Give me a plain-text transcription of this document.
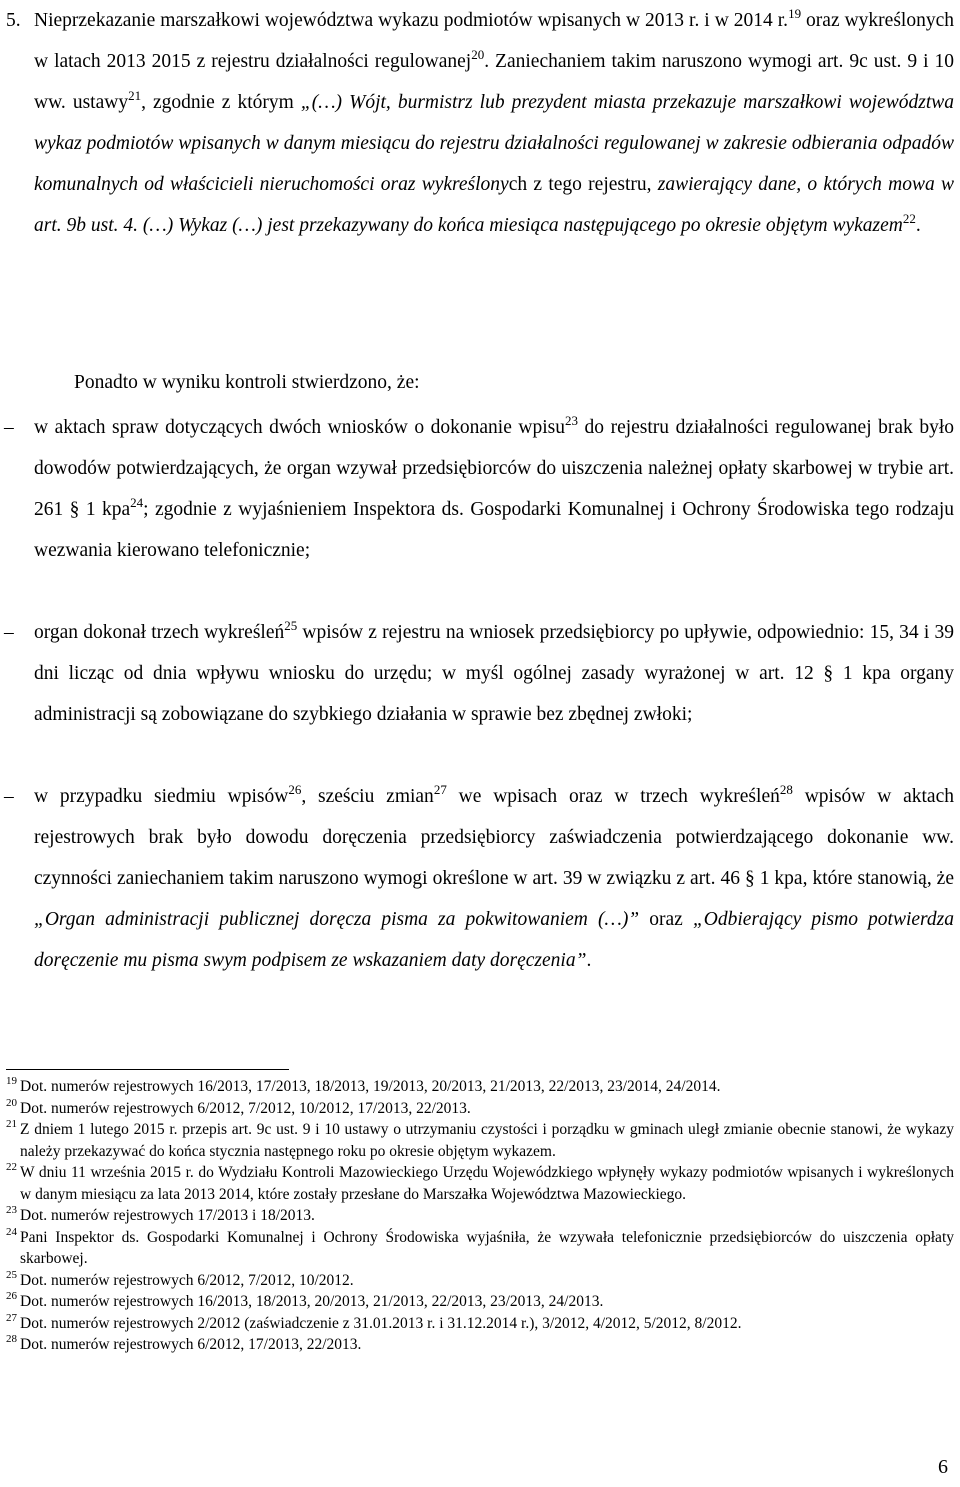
5. Nieprzekazanie marszałkowi województwa wykazu podmiotów wpisanych w 2013 r. i w 2014 r.$^{19}$ oraz wykreślonych w latach 2013 2015 z rejestru działalności regulowanej$^{20}$. Zaniechaniem takim naruszono wymogi art. 9c ust. 9 i 10 ww. ustawy$^{21}$, zgodnie z którym „(…) Wójt, burmistrz lub prezydent miasta przekazuje marszałkowi województwa wykaz podmiotów wpisanych w danym miesiącu do rejestru działalności regulowanej w zakresie odbierania odpadów komunalnych od właścicieli nieruchomości oraz wykreślonych z tego rejestru, zawierający dane, o których mowa w art. 9b ust. 4. (…) Wykaz (…) jest przekazywany do końca miesiąca następującego po okresie objętym wykazem$^{22}$.
Ponadto w wyniku kontroli stwierdzono, że:
– w aktach spraw dotyczących dwóch wniosków o dokonanie wpisu$^{23}$ do rejestru działalności regulowanej brak było dowodów potwierdzających, że organ wzywał przedsiębiorców do uiszczenia należnej opłaty skarbowej w trybie art. 261 § 1 kpa$^{24}$; zgodnie z wyjaśnieniem Inspektora ds. Gospodarki Komunalnej i Ochrony Środowiska tego rodzaju wezwania kierowano telefonicznie;
– organ dokonał trzech wykreśleń$^{25}$ wpisów z rejestru na wniosek przedsiębiorcy po upływie, odpowiednio: 15, 34 i 39 dni licząc od dnia wpływu wniosku do urzędu; w myśl ogólnej zasady wyrażonej w art. 12 § 1 kpa organy administracji są zobowiązane do szybkiego działania w sprawie bez zbędnej zwłoki;
– w przypadku siedmiu wpisów$^{26}$, sześciu zmian$^{27}$ we wpisach oraz w trzech wykreśleń$^{28}$ wpisów w aktach rejestrowych brak było dowodu doręczenia przedsiębiorcy zaświadczenia potwierdzającego dokonanie ww. czynności zaniechaniem takim naruszono wymogi określone w art. 39 w związku z art. 46 § 1 kpa, które stanowią, że „Organ administracji publicznej doręcza pisma za pokwitowaniem (…)” oraz „Odbierający pismo potwierdza doręczenie mu pisma swym podpisem ze wskazaniem daty doręczenia”.
19 Dot. numerów rejestrowych 16/2013, 17/2013, 18/2013, 19/2013, 20/2013, 21/2013, 22/2013, 23/2014, 24/2014.
20 Dot. numerów rejestrowych 6/2012, 7/2012, 10/2012, 17/2013, 22/2013.
21 Z dniem 1 lutego 2015 r. przepis art. 9c ust. 9 i 10 ustawy o utrzymaniu czystości i porządku w gminach uległ zmianie obecnie stanowi, że wykazy należy przekazywać do końca stycznia następnego roku po okresie objętym wykazem.
22 W dniu 11 września 2015 r. do Wydziału Kontroli Mazowieckiego Urzędu Wojewódzkiego wpłynęły wykazy podmiotów wpisanych i wykreślonych w danym miesiącu za lata 2013 2014, które zostały przesłane do Marszałka Województwa Mazowieckiego.
23 Dot. numerów rejestrowych 17/2013 i 18/2013.
24 Pani Inspektor ds. Gospodarki Komunalnej i Ochrony Środowiska wyjaśniła, że wzywała telefonicznie przedsiębiorców do uiszczenia opłaty skarbowej.
25 Dot. numerów rejestrowych 6/2012, 7/2012, 10/2012.
26 Dot. numerów rejestrowych 16/2013, 18/2013, 20/2013, 21/2013, 22/2013, 23/2013, 24/2013.
27 Dot. numerów rejestrowych 2/2012 (zaświadczenie z 31.01.2013 r. i 31.12.2014 r.), 3/2012, 4/2012, 5/2012, 8/2012.
28 Dot. numerów rejestrowych 6/2012, 17/2013, 22/2013.
6
